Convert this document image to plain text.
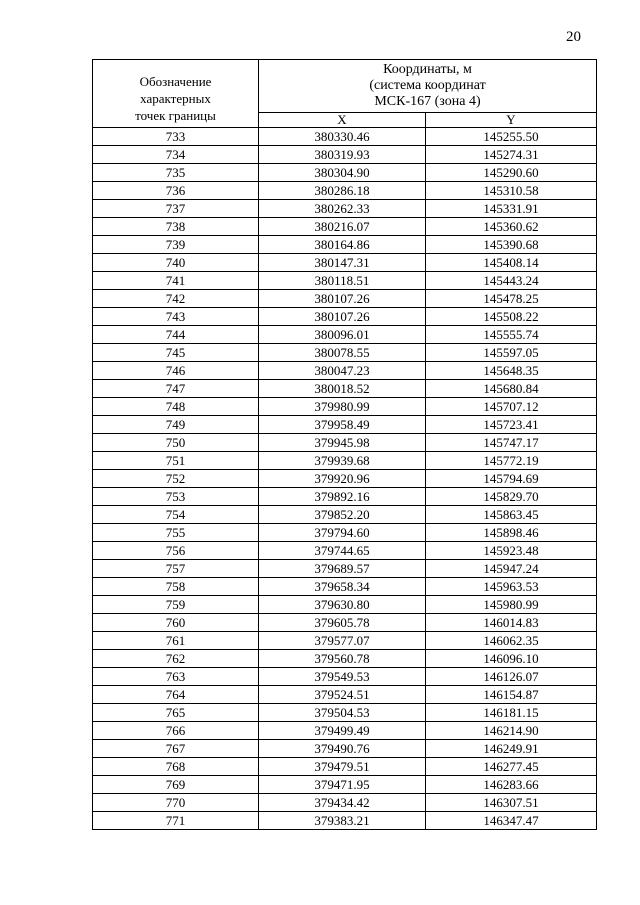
20
Обозначение
характерных
точек границы	Координаты, м
(система координат
МСК-167 (зона 4)	

	X	Y
733	380330.46	145255.50
734	380319.93	145274.31
735	380304.90	145290.60
736	380286.18	145310.58
737	380262.33	145331.91
738	380216.07	145360.62
739	380164.86	145390.68
740	380147.31	145408.14
741	380118.51	145443.24
742	380107.26	145478.25
743	380107.26	145508.22
744	380096.01	145555.74
745	380078.55	145597.05
746	380047.23	145648.35
747	380018.52	145680.84
748	379980.99	145707.12
749	379958.49	145723.41
750	379945.98	145747.17
751	379939.68	145772.19
752	379920.96	145794.69
753	379892.16	145829.70
754	379852.20	145863.45
755	379794.60	145898.46
756	379744.65	145923.48
757	379689.57	145947.24
758	379658.34	145963.53
759	379630.80	145980.99
760	379605.78	146014.83
761	379577.07	146062.35
762	379560.78	146096.10
763	379549.53	146126.07
764	379524.51	146154.87
765	379504.53	146181.15
766	379499.49	146214.90
767	379490.76	146249.91
768	379479.51	146277.45
769	379471.95	146283.66
770	379434.42	146307.51
771	379383.21	146347.47
